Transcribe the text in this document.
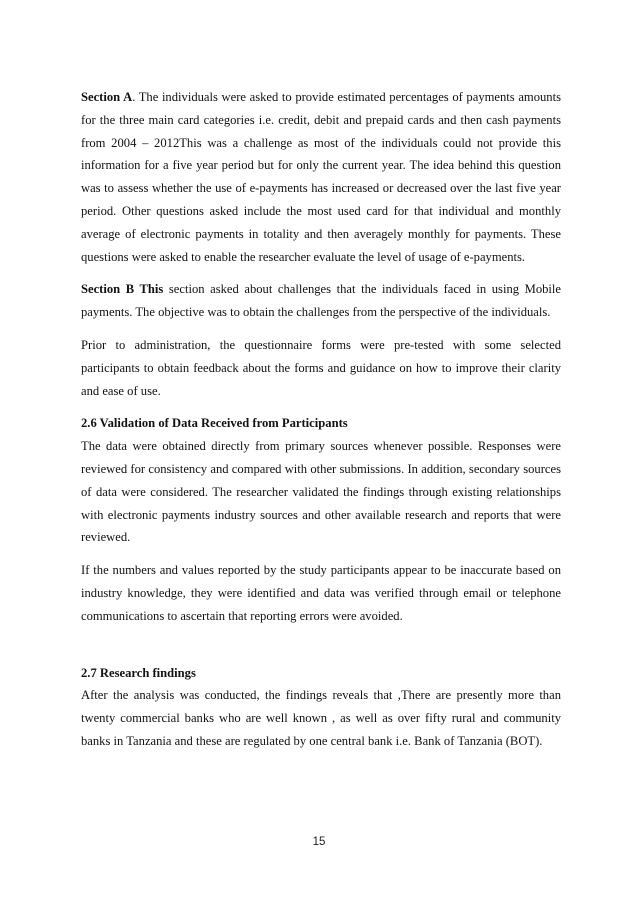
Section A. The individuals were asked to provide estimated percentages of payments amounts for the three main card categories i.e. credit, debit and prepaid cards and then cash payments from 2004 – 2012This was a challenge as most of the individuals could not provide this information for a five year period but for only the current year. The idea behind this question was to assess whether the use of e-payments has increased or decreased over the last five year period. Other questions asked include the most used card for that individual and monthly average of electronic payments in totality and then averagely monthly for payments. These questions were asked to enable the researcher evaluate the level of usage of e-payments.

Section B This section asked about challenges that the individuals faced in using Mobile payments. The objective was to obtain the challenges from the perspective of the individuals.

Prior to administration, the questionnaire forms were pre-tested with some selected participants to obtain feedback about the forms and guidance on how to improve their clarity and ease of use.

2.6 Validation of Data Received from Participants

The data were obtained directly from primary sources whenever possible. Responses were reviewed for consistency and compared with other submissions. In addition, secondary sources of data were considered. The researcher validated the findings through existing relationships with electronic payments industry sources and other available research and reports that were reviewed.

If the numbers and values reported by the study participants appear to be inaccurate based on industry knowledge, they were identified and data was verified through email or telephone communications to ascertain that reporting errors were avoided.

2.7 Research findings

After the analysis was conducted, the findings reveals that ,There are presently more than twenty commercial banks who are well known , as well as over fifty rural and community banks in Tanzania and these are regulated by one central bank i.e. Bank of Tanzania (BOT).

15
